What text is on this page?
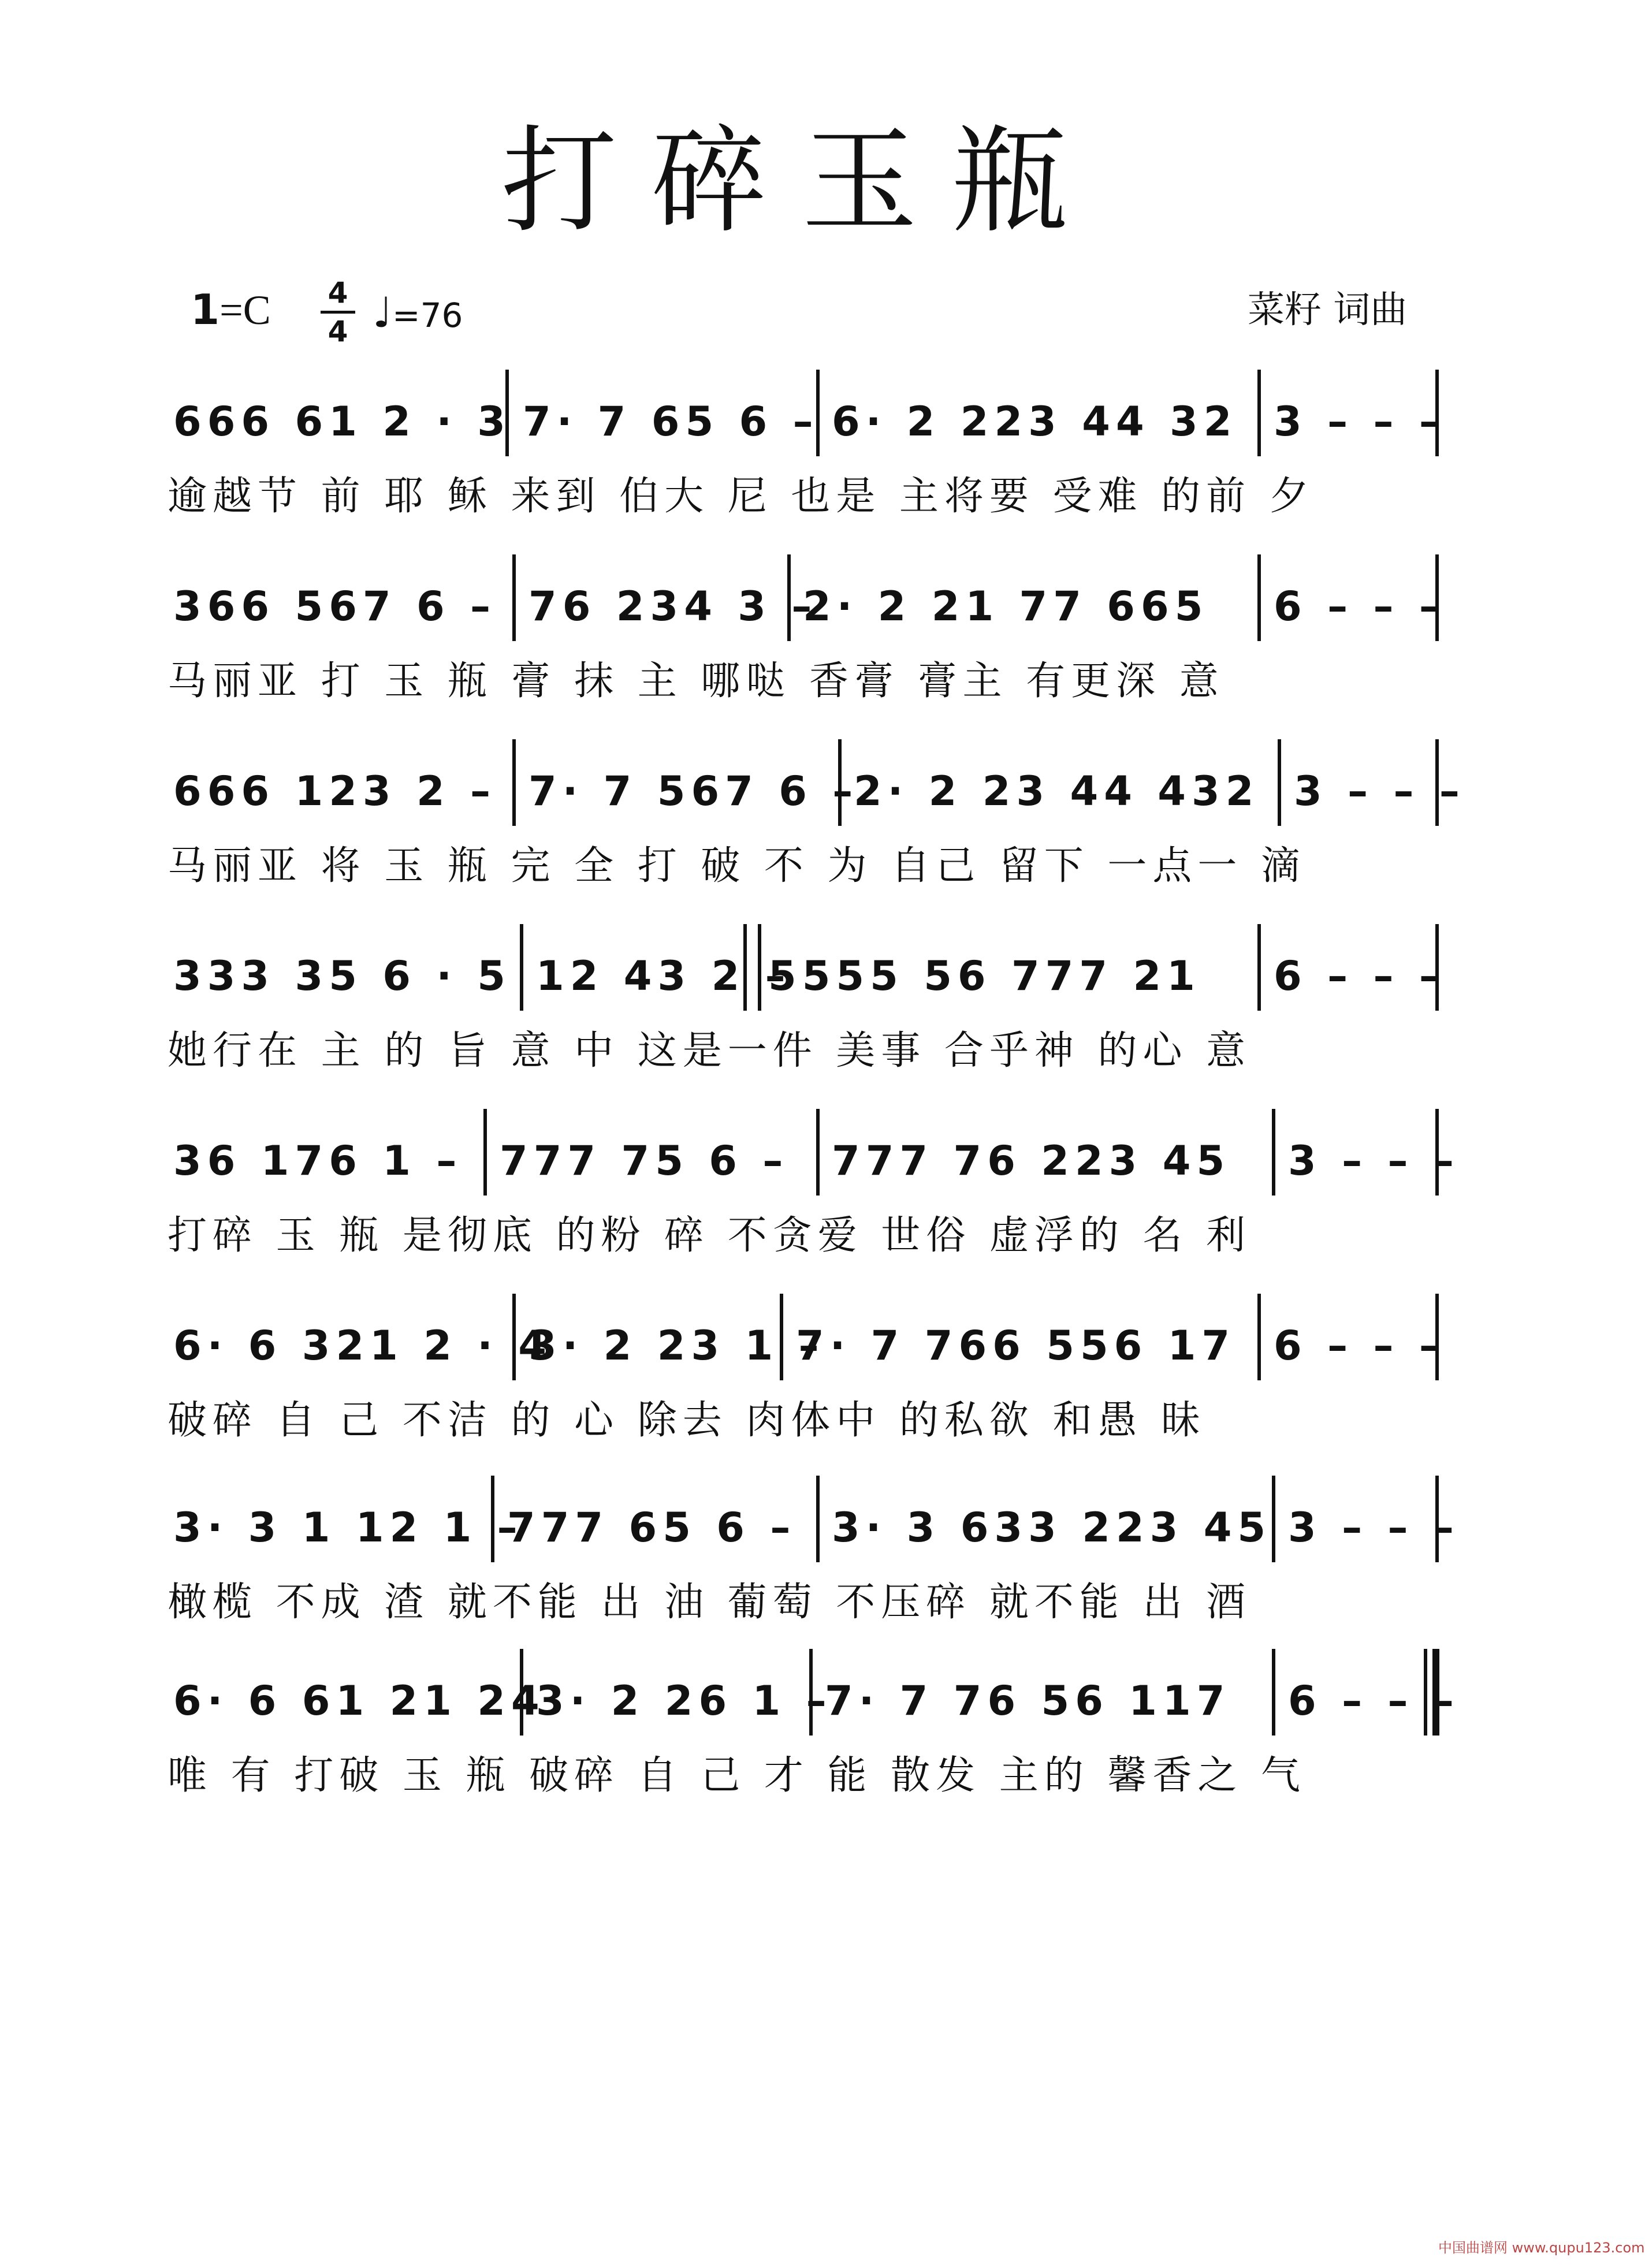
打碎玉瓶
1=C 4
4 ♩=76	菜籽 词曲
666 61 2 · 3 7· 7 65 6 – 6· 2 223 44 32 3 – – –
逾越节 前 耶 稣 来到 伯大 尼 也是 主将要 受难 的前 夕
366 567 6 – 76 234 3 –
2· 2 21 77 665 6 – – –
马丽亚 打 玉 瓶 膏 抹 主 哪哒 香膏 膏主 有更深 意
666 123 2 – 7· 7 567 6 –
2· 2 23 44 432 3 – – –
马丽亚 将 玉 瓶 完 全 打 破 不 为 自己 留下 一点一 滴
333 35 6 · 5 12 43 2 –
5555 56 777 21 6 – – –
她行在 主 的 旨 意 中 这是一件 美事 合乎神 的心 意
36 176 1 – 777 75 6 – 777 76 223 45 3 – – –
打碎 玉 瓶 是彻底 的粉 碎 不贪爱 世俗 虚浮的 名 利
6· 6 321 2 · 4
3· 2 23 1 –
7· 7 766 556 17 6 – – –
破碎 自 己 不洁 的 心 除去 肉体中 的私欲 和愚 昧
3· 3 1 12 1 –
777 65 6 – 3· 3 633 223 45 3 – – –
橄榄 不成 渣 就不能 出 油 葡萄 不压碎 就不能 出 酒
6· 6 61 21 24
3· 2 26 1 –
7· 7 76 56 117 6 – – –
唯 有 打破 玉 瓶 破碎 自 己 才 能 散发 主的 馨香之 气
中国曲谱网 www.qupu123.com
